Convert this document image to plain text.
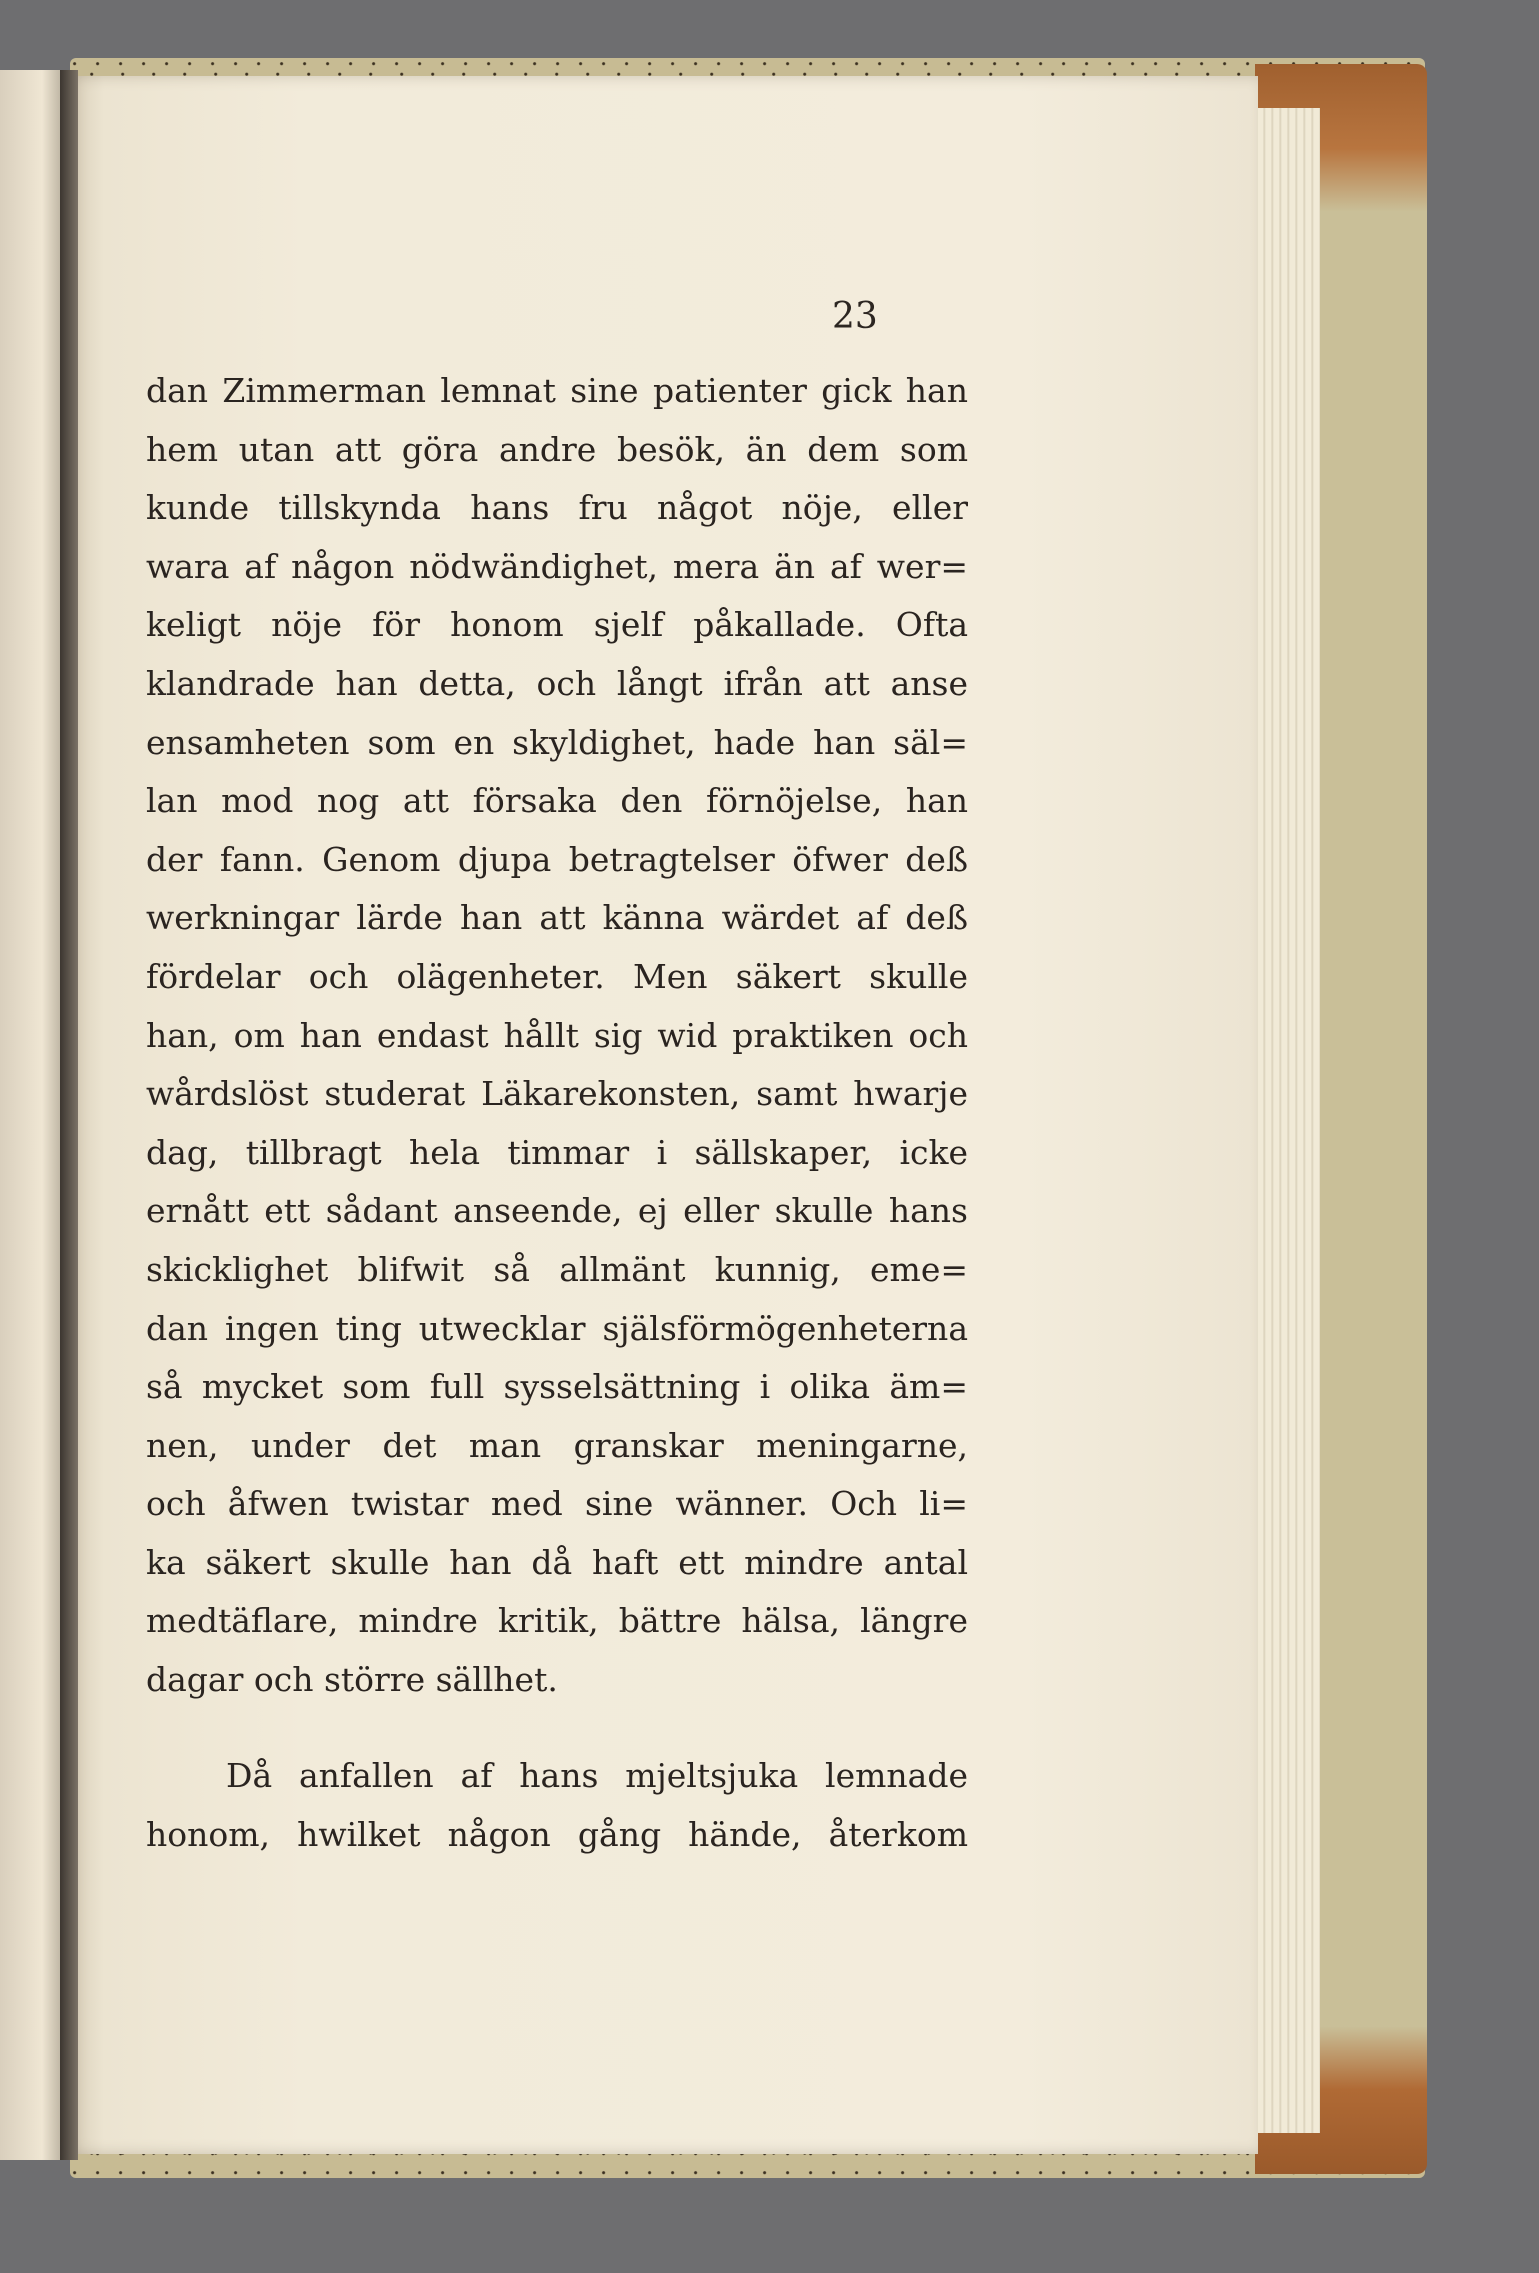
23
dan Zimmerman lemnat sine patienter gick han
hem utan att göra andre besök, än dem som
kunde tillskynda hans fru något nöje, eller
wara af någon nödwändighet, mera än af wer=
keligt nöje för honom sjelf påkallade. Ofta
klandrade han detta, och långt ifrån att anse
ensamheten som en skyldighet, hade han säl=
lan mod nog att försaka den förnöjelse, han
der fann. Genom djupa betragtelser öfwer deß
werkningar lärde han att känna wärdet af deß
fördelar och olägenheter. Men säkert skulle
han, om han endast hållt sig wid praktiken och
wårdslöst studerat Läkarekonsten, samt hwarje
dag, tillbragt hela timmar i sällskaper, icke
ernått ett sådant anseende, ej eller skulle hans
skicklighet blifwit så allmänt kunnig, eme=
dan ingen ting utwecklar själsförmögenheterna
så mycket som full sysselsättning i olika äm=
nen, under det man granskar meningarne,
och åfwen twistar med sine wänner. Och li=
ka säkert skulle han då haft ett mindre antal
medtäflare, mindre kritik, bättre hälsa, längre
dagar och större sällhet.
Då anfallen af hans mjeltsjuka lemnade
honom, hwilket någon gång hände, återkom
